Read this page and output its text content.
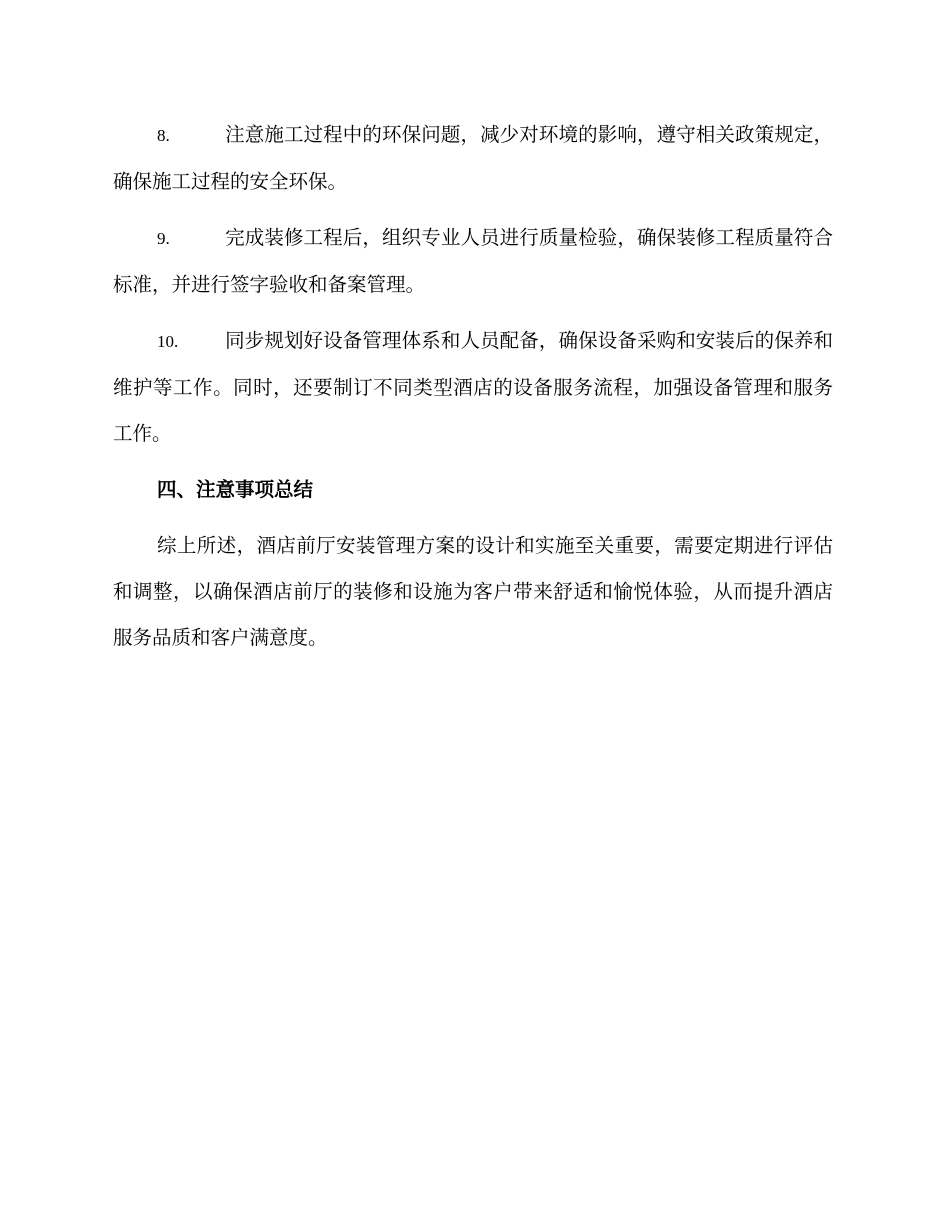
8.	注意施工过程中的环保问题，减少对环境的影响，遵守相关政策规定，确保施工过程的安全环保。

9.	完成装修工程后，组织专业人员进行质量检验，确保装修工程质量符合标准，并进行签字验收和备案管理。

10. 同步规划好设备管理体系和人员配备，确保设备采购和安装后的保养和维护等工作。同时，还要制订不同类型酒店的设备服务流程，加强设备管理和服务工作。

四、注意事项总结

综上所述，酒店前厅安装管理方案的设计和实施至关重要，需要定期进行评估和调整，以确保酒店前厅的装修和设施为客户带来舒适和愉悦体验，从而提升酒店服务品质和客户满意度。
